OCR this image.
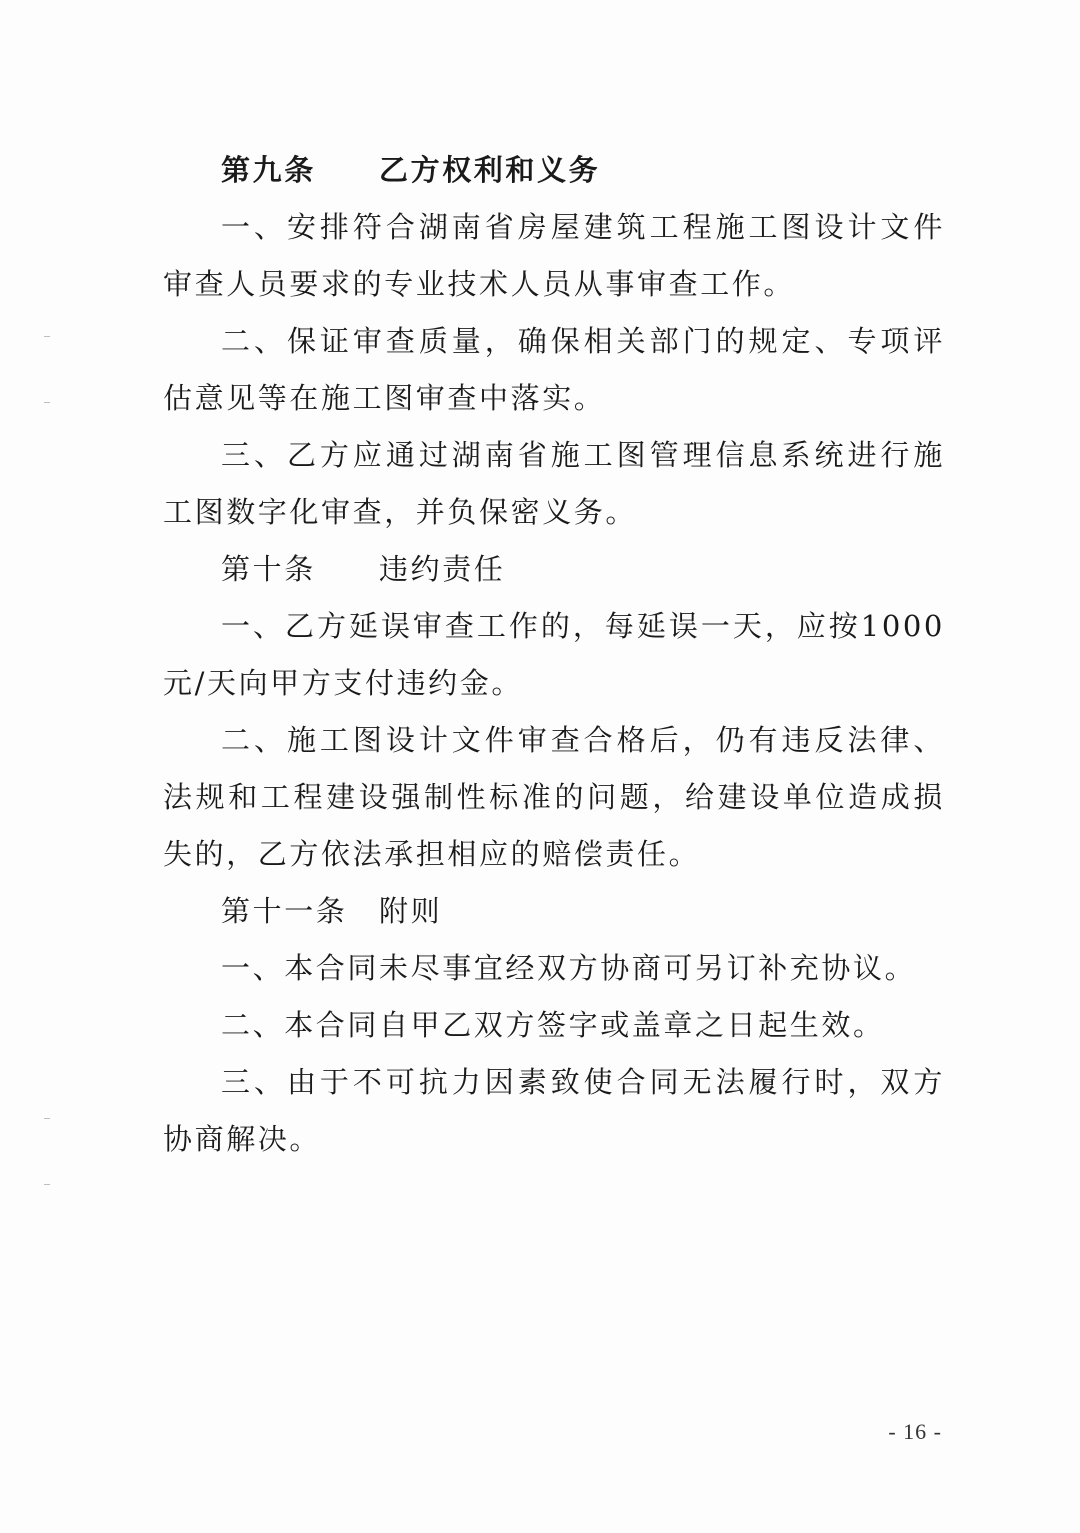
第九条　　乙方权利和义务

一、安排符合湖南省房屋建筑工程施工图设计文件审查人员要求的专业技术人员从事审查工作。

二、保证审查质量，确保相关部门的规定、专项评估意见等在施工图审查中落实。

三、乙方应通过湖南省施工图管理信息系统进行施工图数字化审查，并负保密义务。

第十条　　违约责任

一、乙方延误审查工作的，每延误一天，应按1000元/天向甲方支付违约金。

二、施工图设计文件审查合格后，仍有违反法律、法规和工程建设强制性标准的问题，给建设单位造成损失的，乙方依法承担相应的赔偿责任。

第十一条　附则

一、本合同未尽事宜经双方协商可另订补充协议。

二、本合同自甲乙双方签字或盖章之日起生效。

三、由于不可抗力因素致使合同无法履行时，双方协商解决。

- 16 -
